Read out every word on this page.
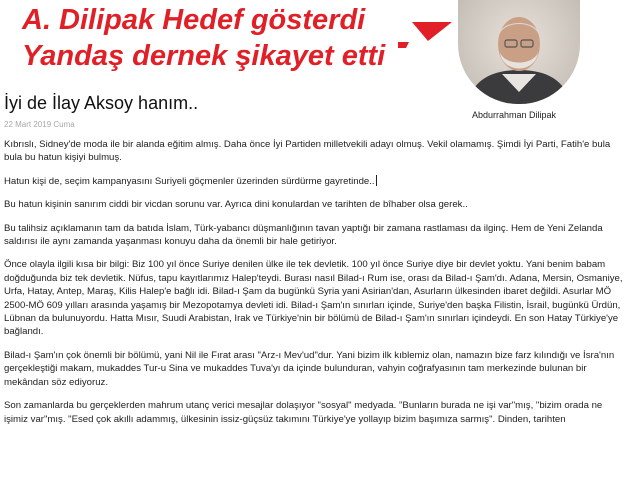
A. Dilipak Hedef gösterdi
Yandaş dernek şikayet etti
Abdurrahman Dilipak
İyi de İlay Aksoy hanım..
22 Mart 2019 Cuma

Kıbrıslı, Sidney'de moda ile bir alanda eğitim almış. Daha önce İyi Partiden milletvekili adayı olmuş. Vekil olamamış. Şimdi İyi Parti, Fatih'e bula bula bu hatun kişiyi bulmuş.

Hatun kişi de, seçim kampanyasını Suriyeli göçmenler üzerinden sürdürme gayretinde..

Bu hatun kişinin sanırım ciddi bir vicdan sorunu var. Ayrıca dini konulardan ve tarihten de bîhaber olsa gerek..

Bu talihsiz açıklamanın tam da batıda İslam, Türk-yabancı düşmanlığının tavan yaptığı bir zamana rastlaması da ilginç. Hem de Yeni Zelanda saldırısı ile aynı zamanda yaşanması konuyu daha da önemli bir hale getiriyor.

Önce olayla ilgili kısa bir bilgi: Biz 100 yıl önce Suriye denilen ülke ile tek devletik. 100 yıl önce Suriye diye bir devlet yoktu. Yani benim babam doğduğunda biz tek devletik. Nüfus, tapu kayıtlarımız Halep'teydi. Burası nasıl Bilad-ı Rum ise, orası da Bilad-ı Şam'dı. Adana, Mersin, Osmaniye, Urfa, Hatay, Antep, Maraş, Kilis Halep'e bağlı idi. Bilad-ı Şam da bugünkü Syria yani Asirian'dan, Asurların ülkesinden ibaret değildi. Asurlar MÖ 2500-MÖ 609 yılları arasında yaşamış bir Mezopotamya devleti idi. Bilad-ı Şam'ın sınırları içinde, Suriye'den başka Filistin, İsrail, bugünkü Ürdün, Lübnan da bulunuyordu. Hatta Mısır, Suudi Arabistan, Irak ve Türkiye'nin bir bölümü de Bilad-ı Şam'ın sınırları içindeydi. En son Hatay Türkiye'ye bağlandı.

Bilad-ı Şam'ın çok önemli bir bölümü, yani Nil ile Fırat arası "Arz-ı Mev'ud"dur. Yani bizim ilk kıblemiz olan, namazın bize farz kılındığı ve İsra'nın gerçekleştiği makam, mukaddes Tur-u Sina ve mukaddes Tuva'yı da içinde bulunduran, vahyin coğrafyasının tam merkezinde bulunan bir mekândan söz ediyoruz.

Son zamanlarda bu gerçeklerden mahrum utanç verici mesajlar dolaşıyor "sosyal" medyada. "Bunların burada ne işi var"mış, "bizim orada ne işimiz var"mış. "Esed çok akıllı adammış, ülkesinin issiz-güçsüz takımını Türkiye'ye yollayıp bizim başımıza sarmış". Dinden, tarihten
